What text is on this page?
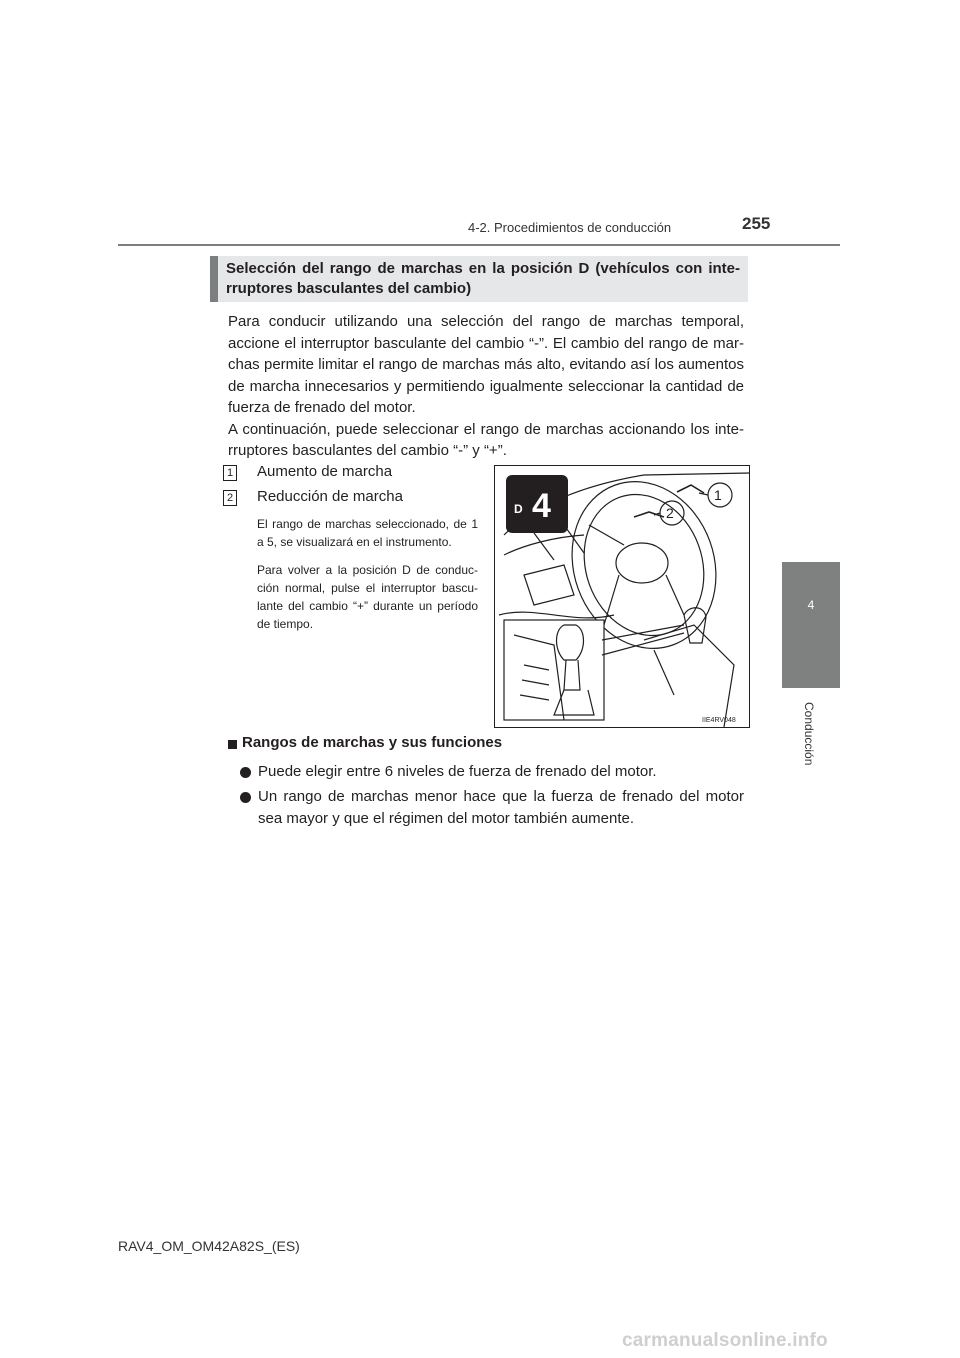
4-2. Procedimientos de conducción	255
4
Conducción
Selección del rango de marchas en la posición D (vehículos con inte-rruptores basculantes del cambio)

Para conducir utilizando una selección del rango de marchas temporal, accione el interruptor basculante del cambio “-”. El cambio del rango de mar-chas permite limitar el rango de marchas más alto, evitando así los aumentos de marcha innecesarios y permitiendo igualmente seleccionar la cantidad de fuerza de frenado del motor.

A continuación, puede seleccionar el rango de marchas accionando los inte-rruptores basculantes del cambio “-” y “+”.

1 Aumento de marcha
2 Reducción de marcha
El rango de marchas seleccionado, de 1 a 5, se visualizará en el instrumento.
Para volver a la posición D de conduc-ción normal, pulse el interruptor bascu-lante del cambio “+” durante un período de tiempo.
D 4	1
2
IIE4RV048
Rangos de marchas y sus funciones
Puede elegir entre 6 niveles de fuerza de frenado del motor.
Un rango de marchas menor hace que la fuerza de frenado del motor sea mayor y que el régimen del motor también aumente.
RAV4_OM_OM42A82S_(ES)
carmanualsonline.info
